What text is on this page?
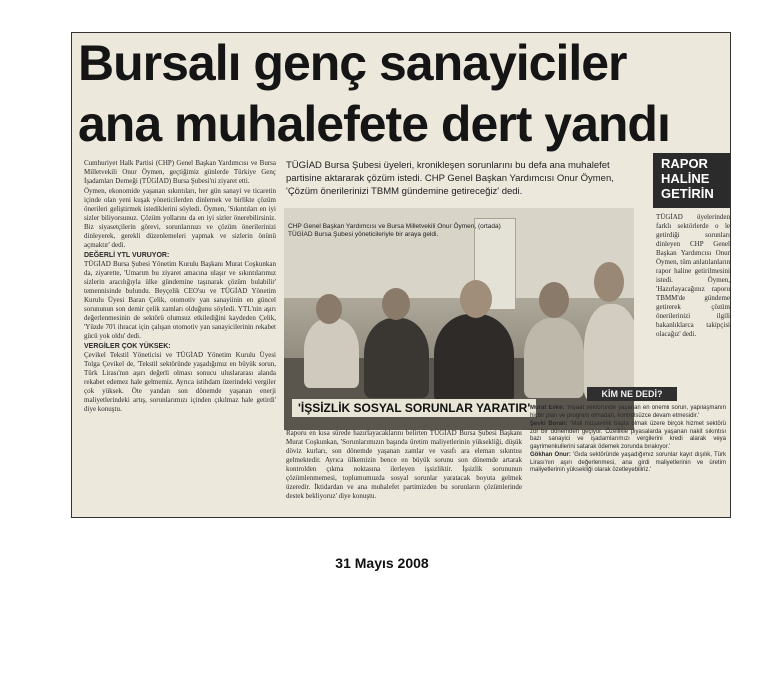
Bursalı genç sanayiciler
ana muhalefete dert yandı

Cumhuriyet Halk Partisi (CHP) Genel Başkan Yardımcısı ve Bursa Milletvekili Onur Öymen, geçtiğimiz günlerde Türkiye Genç İşadamları Derneği (TÜGİAD) Bursa Şubesi'ni ziyaret etti.

Öymen, ekonomide yaşanan sıkıntıları, her gün sanayi ve ticaretin içinde olan yeni kuşak yöneticilerden dinlemek ve birlikte çözüm önerileri geliştirmek istediklerini söyledi. Öymen, 'Sıkıntıları en iyi sizler biliyorsunuz. Çözüm yollarını da en iyi sizler önerebilirsiniz. Biz siyasetçilerin görevi, sorunlarınızı ve çözüm önerilerinizi dinleyerek, gerekli düzenlemeleri yapmak ve sizlerin önünü açmaktır' dedi.

DEĞERLİ YTL VURUYOR:

TÜGİAD Bursa Şubesi Yönetim Kurulu Başkanı Murat Coşkunkan da, ziyarette, 'Umarım bu ziyaret amacına ulaşır ve sıkıntılarımız sizlerin aracılığıyla ülke gündemine taşınarak çözüm bulabilir' temennisinde bulundu. Beyçelik CEO'su ve TÜGİAD Yönetim Kurulu Üyesi Baran Çelik, otomotiv yan sanayiinin en güncel sorununun son demir çelik zamları olduğunu söyledi. YTL'nin aşırı değerlenmesinin de sektörü olumsuz etkilediğini kaydeden Çelik, 'Yüzde 70'i ihracat için çalışan otomotiv yan sanayicilerinin rekabet gücü yok oldu' dedi.

VERGİLER ÇOK YÜKSEK:

Çevikel Tekstil Yöneticisi ve TÜGİAD Yönetim Kurulu Üyesi Tolga Çevikel de, 'Tekstil sektöründe yaşadığımız en büyük sorun, Türk Lirası'nın aşırı değerli olması sonucu uluslararası alanda rekabet edemez hale gelmemiz. Ayrıca istihdam üzerindeki vergiler çok yüksek. Öte yandan son dönemde yaşanan enerji maliyetlerindeki artış, sorunlarımızı içinden çıkılmaz hale getirdi' diye konuştu.

TÜGİAD Bursa Şubesi üyeleri, kronikleşen sorunlarını bu defa ana muhalefet partisine aktararak çözüm istedi. CHP Genel Başkan Yardımcısı Onur Öymen, 'Çözüm önerilerinizi TBMM gündemine getireceğiz' dedi.
CHP Genel Başkan Yardımcısı ve Bursa Milletvekili Onur Öymen, (ortada) TÜGİAD Bursa Şubesi yöneticileriyle bir araya geldi.
'İŞSİZLİK SOSYAL SORUNLAR YARATIR'
Raporu en kısa sürede hazırlayacaklarını belirten TÜGİAD Bursa Şubesi Başkanı Murat Coşkunkan, 'Sorunlarımızın başında üretim maliyetlerinin yüksekliği, düşük döviz kurları, son dönemde yaşanan zamlar ve vasıfı ara eleman sıkıntısı gelmektedir. Ayrıca ülkemizin bence en büyük sorunu son dönemde artarak kontrolden çıkma noktasına ilerleyen işsizliktir. İşsizlik sorununun çözümlenmemesi, toplumumuzda sosyal sorunlar yaratacak boyuta gelmek üzeredir. İktidardan ve ana muhalefet partimizden bu sorunların çözümlerinde destek bekliyoruz' diye konuştu.
KİM NE DEDİ?

Murat Evke: 'İnşaat sektöründe yaşanan en önemli sorun, yapılaşmanın hiçbir plan ve program olmadan, kontrolsüzce devam etmesidir.'

Şevki Boran: 'Mali müşavirlik başta olmak üzere birçok hizmet sektörü zor bir dönemden geçiyor. Özellikle piyasalarda yaşanan nakit sıkıntısı bazı sanayici ve işadamlarımızı vergilerini kredi alarak veya gayrimenkullerini satarak ödemek zorunda bırakıyor.'

Gökhan Onur: 'Gıda sektöründe yaşadığımız sorunlar kayıt dışılık, Türk Lirası'nın aşırı değerlenmesi, ana girdi maliyetlerinin ve üretim maliyetlerinin yüksekliği olarak özetleyebiliriz.'

RAPOR
HALİNE
GETİRİN
TÜGİAD üyelerinden farklı sektörlerde o le getirdiği sorunları dinleyen CHP Genel Başkan Yardımcısı Onur Öymen, tüm anlatılanların rapor haline getirilmesini istedi. Öymen, 'Hazırlayacağınız raporu TBMM'de gündeme getirerek çözüm önerilerinizi ilgili bakanlıklarca takipçisi olacağız' dedi.
31 Mayıs 2008
